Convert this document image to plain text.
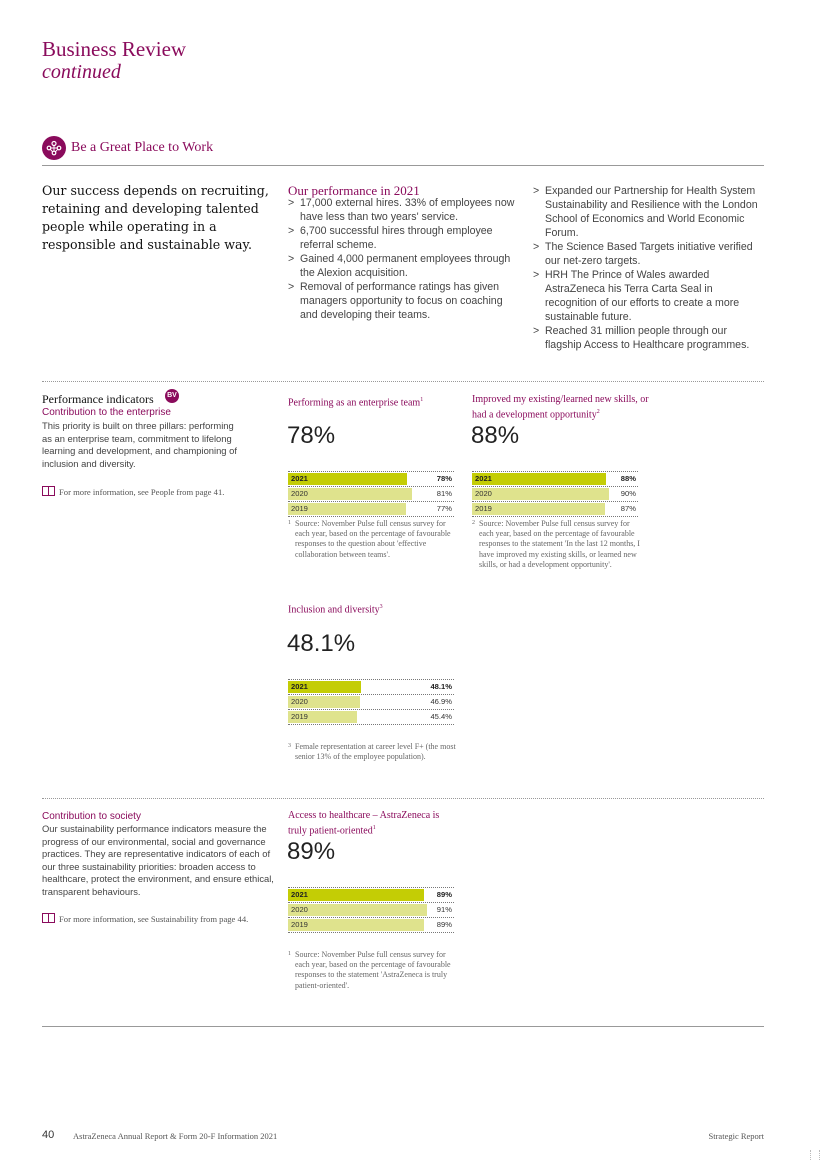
Business Review
continued
Be a Great Place to Work
Our success depends on recruiting, retaining and developing talented people while operating in a responsible and sustainable way.
Our performance in 2021
> 17,000 external hires. 33% of employees now have less than two years' service.
> 6,700 successful hires through employee referral scheme.
> Gained 4,000 permanent employees through the Alexion acquisition.
> Removal of performance ratings has given managers opportunity to focus on coaching and developing their teams.
> Expanded our Partnership for Health System Sustainability and Resilience with the London School of Economics and World Economic Forum.
> The Science Based Targets initiative verified our net-zero targets.
> HRH The Prince of Wales awarded AstraZeneca his Terra Carta Seal in recognition of our efforts to create a more sustainable future.
> Reached 31 million people through our flagship Access to Healthcare programmes.
Performance indicators	BV
Contribution to the enterprise
This priority is built on three pillars: performing as an enterprise team, commitment to lifelong learning and development, and championing of inclusion and diversity.
For more information, see People from page 41.
Performing as an enterprise team$^1$
78%
2021	78%
2020	81%
2019	77%
1 Source: November Pulse full census survey for each year, based on the percentage of favourable responses to the question about 'effective collaboration between teams'.
Improved my existing/learned new skills, or had a development opportunity$^2$
88%
2021	88%
2020	90%
2019	87%
2 Source: November Pulse full census survey for each year, based on the percentage of favourable responses to the statement 'In the last 12 months, I have improved my existing skills, or learned new skills, or had a development opportunity'.
Inclusion and diversity$^3$
48.1%
2021	48.1%
2020	46.9%
2019	45.4%
3 Female representation at career level F+ (the most senior 13% of the employee population).
Contribution to society
Our sustainability performance indicators measure the progress of our environmental, social and governance practices. They are representative indicators of each of our three sustainability priorities: broaden access to healthcare, protect the environment, and ensure ethical, transparent behaviours.
For more information, see Sustainability from page 44.
Access to healthcare – AstraZeneca is truly patient-oriented$^1$
89%
2021	89%
2020	91%
2019	89%
1 Source: November Pulse full census survey for each year, based on the percentage of favourable responses to the statement 'AstraZeneca is truly patient-oriented'.
40 AstraZeneca Annual Report & Form 20-F Information 2021	Strategic Report
